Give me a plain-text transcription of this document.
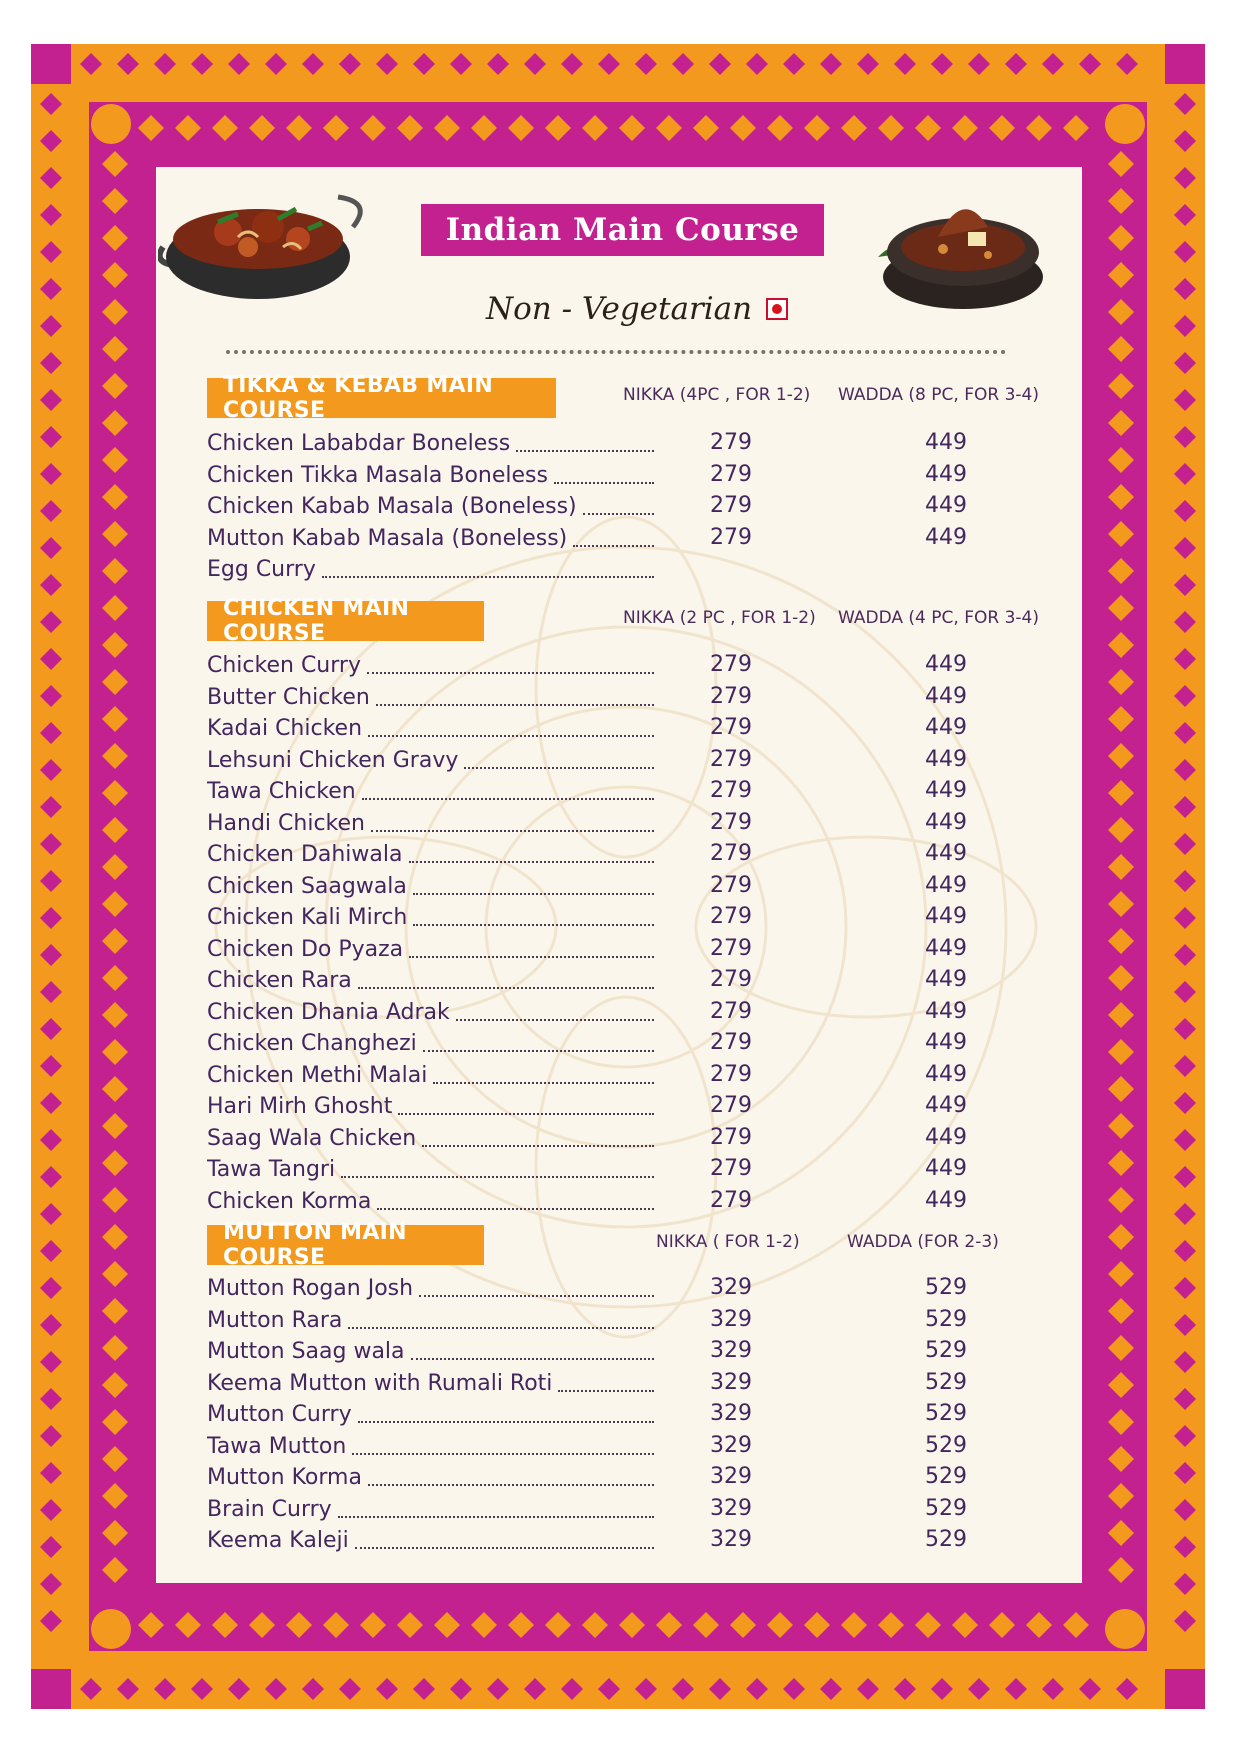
Indian Main Course
Non - Vegetarian
TIKKA & KEBAB MAIN COURSE
NIKKA (4PC , FOR 1-2) WADDA (8 PC, FOR 3-4)
Chicken Lababdar Boneless	279	449
Chicken Tikka Masala Boneless	279	449
Chicken Kabab Masala (Boneless)	279	449
Mutton Kabab Masala (Boneless)	279	449
Egg Curry
CHICKEN MAIN COURSE
NIKKA (2 PC , FOR 1-2) WADDA (4 PC, FOR 3-4)
Chicken Curry	279	449
Butter Chicken	279	449
Kadai Chicken	279	449
Lehsuni Chicken Gravy	279	449
Tawa Chicken	279	449
Handi Chicken	279	449
Chicken Dahiwala	279	449
Chicken Saagwala	279	449
Chicken Kali Mirch	279	449
Chicken Do Pyaza	279	449
Chicken Rara	279	449
Chicken Dhania Adrak	279	449
Chicken Changhezi	279	449
Chicken Methi Malai	279	449
Hari Mirh Ghosht	279	449
Saag Wala Chicken	279	449
Tawa Tangri	279	449
Chicken Korma	279	449
MUTTON MAIN COURSE
NIKKA ( FOR 1-2)	WADDA (FOR 2-3)
Mutton Rogan Josh	329	529
Mutton Rara	329	529
Mutton Saag wala	329	529
Keema Mutton with Rumali Roti	329	529
Mutton Curry	329	529
Tawa Mutton	329	529
Mutton Korma	329	529
Brain Curry	329	529
Keema Kaleji	329	529
